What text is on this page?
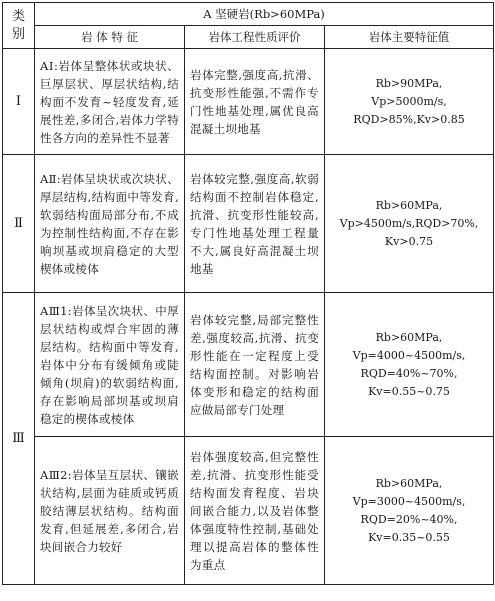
类别	A 坚硬岩(Rb>60MPa)		
	岩 体 特 征	岩体工程性质评价	岩体主要特征值
Ⅰ	AⅠ:岩体呈整体状或块状、巨厚层状、厚层状结构,结构面不发育~轻度发育,延展性差,多闭合,岩体力学特性各方向的差异性不显著	岩体完整,强度高,抗滑、抗变形性能强,不需作专门性地基处理,属优良高混凝土坝地基	Rb>90MPa,
Vp>5000m/s,
RQD>85%,Kv>0.85

Ⅱ	AⅡ:岩体呈块状或次块状、厚层结构,结构面中等发育,软弱结构面局部分布,不成为控制性结构面,不存在影响坝基或坝肩稳定的大型楔体或棱体	岩体较完整,强度高,软弱结构面不控制岩体稳定,抗滑、抗变形性能较高,专门性地基处理工程量不大,属良好高混凝土坝地基	Rb>60MPa,
Vp>4500m/s,RQD>70%,
Kv>0.75

Ⅲ	AⅢ1:岩体呈次块状、中厚层状结构或焊合牢固的薄层结构。结构面中等发育,岩体中分布有缓倾角或陡倾角(坝肩)的软弱结构面,存在影响局部坝基或坝肩稳定的楔体或棱体	岩体较完整,局部完整性差,强度较高,抗滑、抗变形性能在一定程度上受结构面控制。对影响岩体变形和稳定的结构面应做局部专门处理	Rb>60MPa,
Vp=4000~4500m/s,
RQD=40%~70%,
Kv=0.55~0.75

	AⅢ2:岩体呈互层状、镶嵌状结构,层面为硅质或钙质胶结薄层状结构。结构面发育,但延展差,多闭合,岩块间嵌合力较好	岩体强度较高,但完整性差,抗滑、抗变形性能受结构面发育程度、岩块间嵌合能力,以及岩体整体强度特性控制,基础处理以提高岩体的整体性为重点	Rb>60MPa,
Vp=3000~4500m/s,
RQD=20%~40%,
Kv=0.35~0.55
